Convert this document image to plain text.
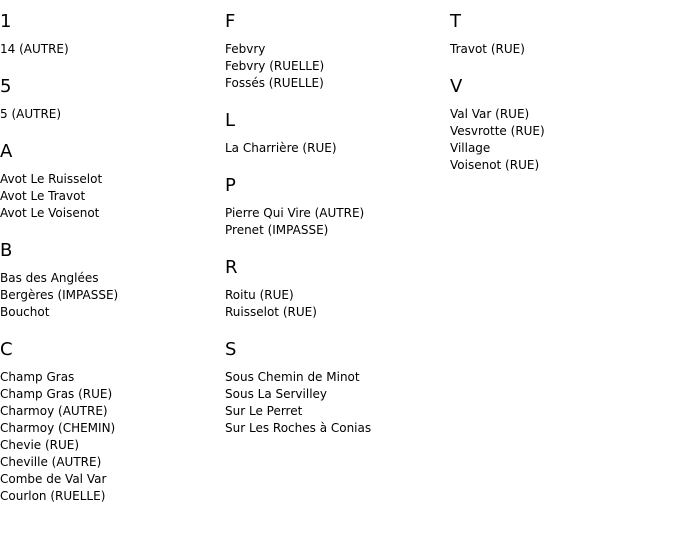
1
14 (AUTRE)
5
5 (AUTRE)
A
Avot Le Ruisselot
Avot Le Travot
Avot Le Voisenot
B
Bas des Anglées
Bergères (IMPASSE)
Bouchot
C
Champ Gras
Champ Gras (RUE)
Charmoy (AUTRE)
Charmoy (CHEMIN)
Chevie (RUE)
Cheville (AUTRE)
Combe de Val Var
Courlon (RUELLE)
F
Febvry
Febvry (RUELLE)
Fossés (RUELLE)
L
La Charrière (RUE)
P
Pierre Qui Vire (AUTRE)
Prenet (IMPASSE)
R
Roitu (RUE)
Ruisselot (RUE)
S
Sous Chemin de Minot
Sous La Servilley
Sur Le Perret
Sur Les Roches à Conias
T
Travot (RUE)
V
Val Var (RUE)
Vesvrotte (RUE)
Village
Voisenot (RUE)
